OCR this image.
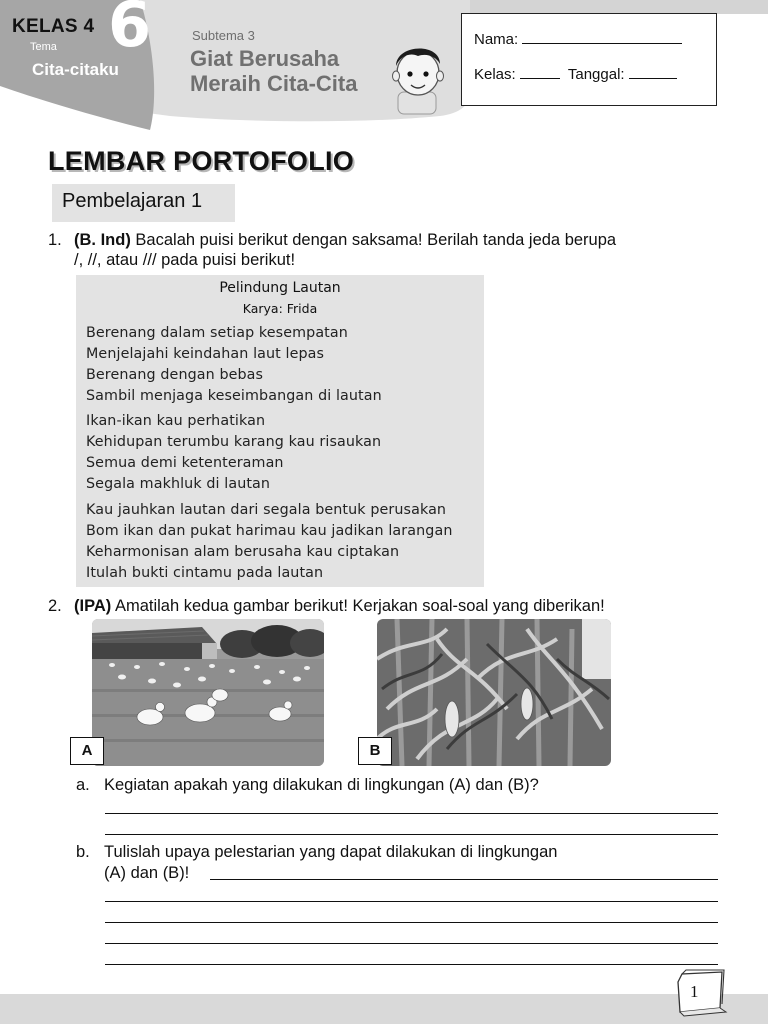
KELAS 4 6
Tema
Cita-citaku
Subtema 3
Giat Berusaha
Meraih Cita-Cita
Nama:
Kelas:	Tanggal:
LEMBAR PORTOFOLIO
Pembelajaran 1
1. (B. Ind) Bacalah puisi berikut dengan saksama! Berilah tanda jeda berupa
/, //, atau /// pada puisi berikut!
Pelindung Lautan
Karya: Frida
Berenang dalam setiap kesempatan
Menjelajahi keindahan laut lepas
Berenang dengan bebas
Sambil menjaga keseimbangan di lautan
Ikan-ikan kau perhatikan
Kehidupan terumbu karang kau risaukan
Semua demi ketenteraman
Segala makhluk di lautan
Kau jauhkan lautan dari segala bentuk perusakan
Bom ikan dan pukat harimau kau jadikan larangan
Keharmonisan alam berusaha kau ciptakan
Itulah bukti cintamu pada lautan
2. (IPA) Amatilah kedua gambar berikut! Kerjakan soal-soal yang diberikan!
A	B
a. Kegiatan apakah yang dilakukan di lingkungan (A) dan (B)?
b. Tulislah upaya pelestarian yang dapat dilakukan di lingkungan
(A) dan (B)!
1
